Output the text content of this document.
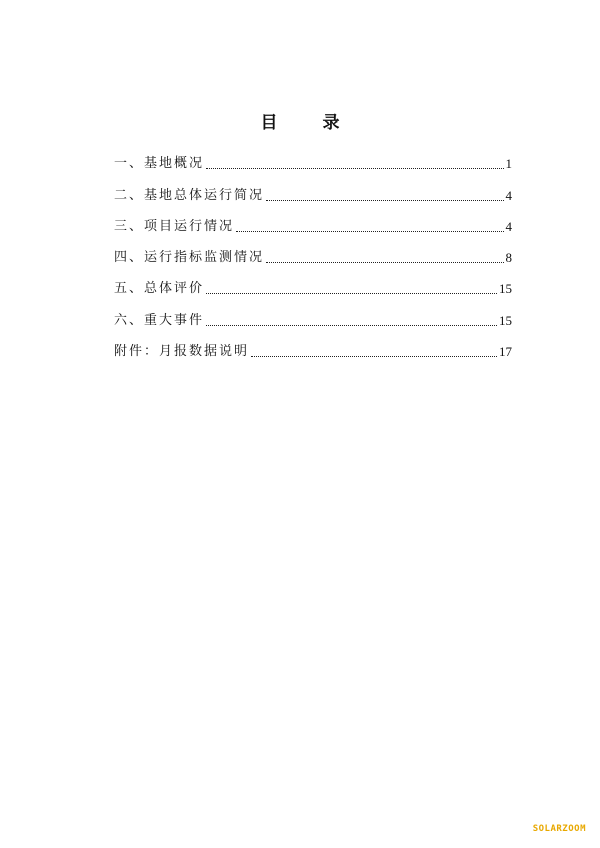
目　录
一、基地概况	1
二、基地总体运行简况	4
三、项目运行情况	4
四、运行指标监测情况	8
五、总体评价	15
六、重大事件	15
附件：月报数据说明	17
SOLARZOOM
